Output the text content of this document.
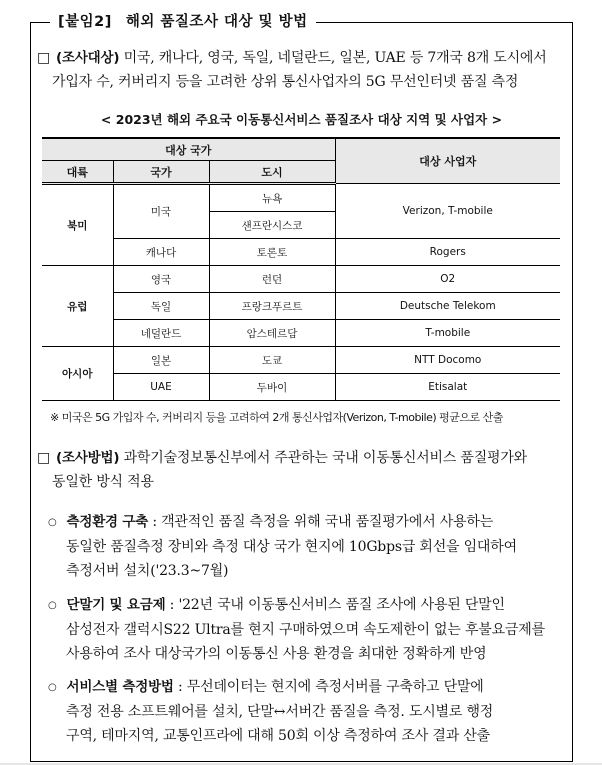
[붙임2] 해외 품질조사 대상 및 방법
□ (조사대상) 미국, 캐나다, 영국, 독일, 네덜란드, 일본, UAE 등 7개국 8개 도시에서
가입자 수, 커버리지 등을 고려한 상위 통신사업자의 5G 무선인터넷 품질 측정
< 2023년 해외 주요국 이동통신서비스 품질조사 대상 지역 및 사업자 >
대상 국가			대상 사업자
대륙	국가	도시	
북미	미국	뉴욕	Verizon, T-mobile
		샌프란시스코	
	캐나다	토론토	Rogers
유럽	영국	런던	O2
	독일	프랑크푸르트	Deutsche Telekom
	네덜란드	암스테르담	T-mobile
아시아	일본	도쿄	NTT Docomo
	UAE	두바이	Etisalat
※ 미국은 5G 가입자 수, 커버리지 등을 고려하여 2개 통신사업자(Verizon, T-mobile) 평균으로 산출
□ (조사방법) 과학기술정보통신부에서 주관하는 국내 이동통신서비스 품질평가와
동일한 방식 적용
○ 측정환경 구축 : 객관적인 품질 측정을 위해 국내 품질평가에서 사용하는
동일한 품질측정 장비와 측정 대상 국가 현지에 10Gbps급 회선을 임대하여
측정서버 설치('23.3~7월)
○ 단말기 및 요금제 : '22년 국내 이동통신서비스 품질 조사에 사용된 단말인
삼성전자 갤럭시S22 Ultra를 현지 구매하였으며 속도제한이 없는 후불요금제를
사용하여 조사 대상국가의 이동통신 사용 환경을 최대한 정확하게 반영
○ 서비스별 측정방법 : 무선데이터는 현지에 측정서버를 구축하고 단말에
측정 전용 소프트웨어를 설치, 단말↔서버간 품질을 측정. 도시별로 행정
구역, 테마지역, 교통인프라에 대해 50회 이상 측정하여 조사 결과 산출
